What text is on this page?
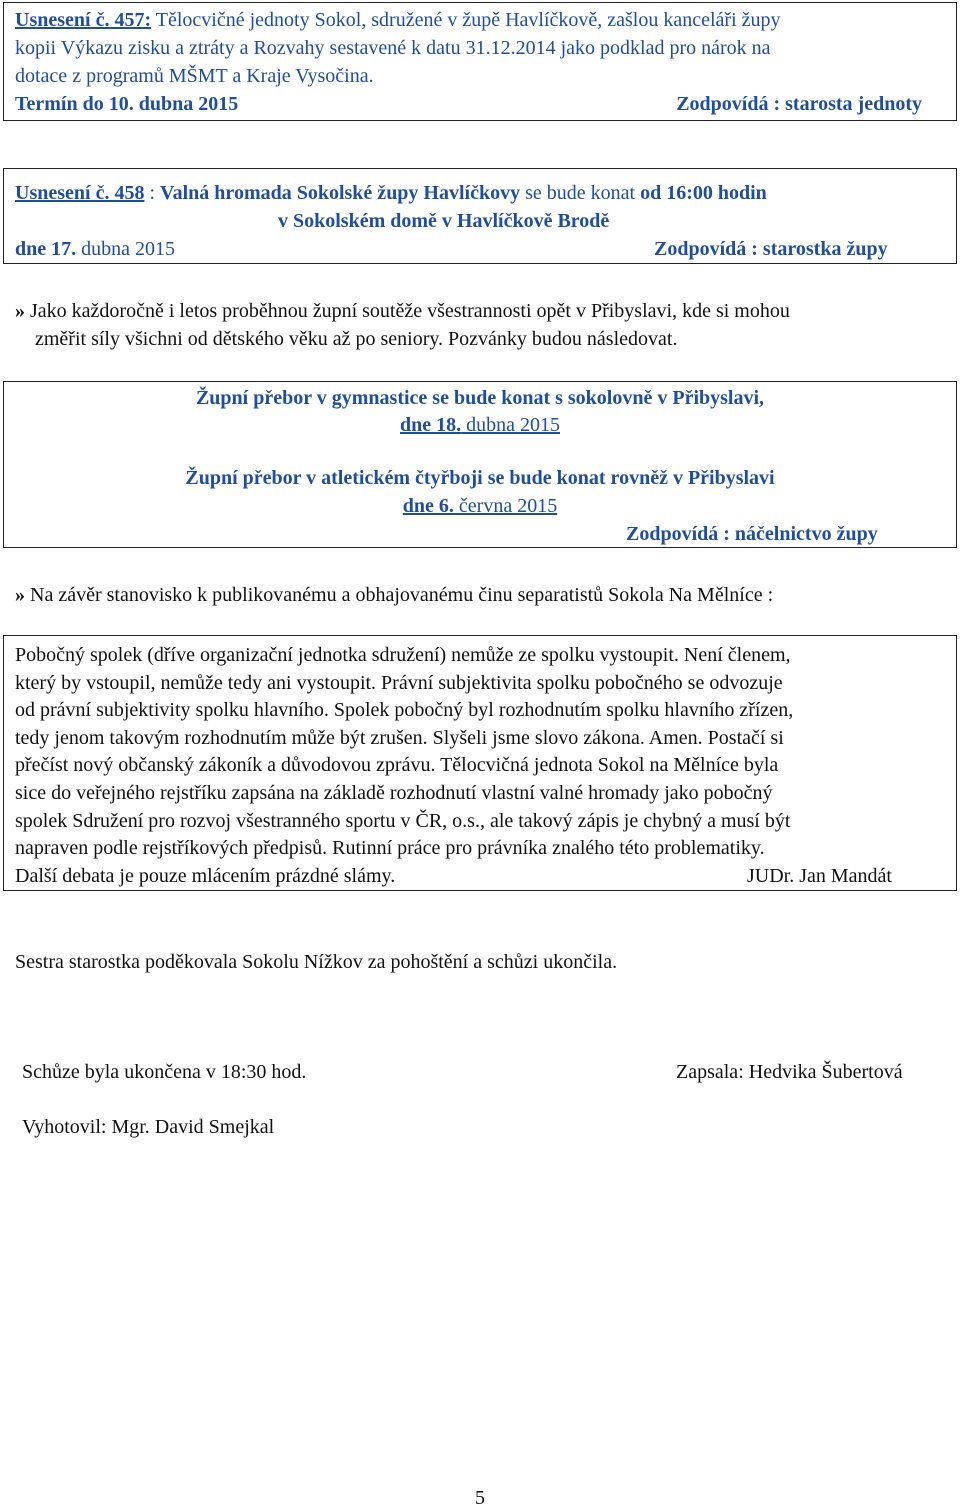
Usnesení č. 457: Tělocvičné jednoty Sokol, sdružené v župě Havlíčkově, zašlou kanceláři župy
kopii Výkazu zisku a ztráty a Rozvahy sestavené k datu 31.12.2014 jako podklad pro nárok na
dotace z programů MŠMT a Kraje Vysočina.
Termín do 10. dubna 2015	Zodpovídá : starosta jednoty
Usnesení č. 458 : Valná hromada Sokolské župy Havlíčkovy se bude konat od 16:00 hodin
v Sokolském domě v Havlíčkově Brodě
dne 17. dubna 2015	Zodpovídá : starostka župy
» Jako každoročně i letos proběhnou župní soutěže všestrannosti opět v Přibyslavi, kde si mohou
změřit síly všichni od dětského věku až po seniory. Pozvánky budou následovat.
Župní přebor v gymnastice se bude konat s sokolovně v Přibyslavi,
dne 18. dubna 2015
Župní přebor v atletickém čtyřboji se bude konat rovněž v Přibyslavi
dne 6. června 2015
Zodpovídá : náčelnictvo župy
» Na závěr stanovisko k publikovanému a obhajovanému činu separatistů Sokola Na Mělníce :
Pobočný spolek (dříve organizační jednotka sdružení) nemůže ze spolku vystoupit. Není členem,
který by vstoupil, nemůže tedy ani vystoupit. Právní subjektivita spolku pobočného se odvozuje
od právní subjektivity spolku hlavního. Spolek pobočný byl rozhodnutím spolku hlavního zřízen,
tedy jenom takovým rozhodnutím může být zrušen. Slyšeli jsme slovo zákona. Amen. Postačí si
přečíst nový občanský zákoník a důvodovou zprávu. Tělocvičná jednota Sokol na Mělníce byla
sice do veřejného rejstříku zapsána na základě rozhodnutí vlastní valné hromady jako pobočný
spolek Sdružení pro rozvoj všestranného sportu v ČR, o.s., ale takový zápis je chybný a musí být
napraven podle rejstříkových předpisů. Rutinní práce pro právníka znalého této problematiky.
Další debata je pouze mlácením prázdné slámy.	JUDr. Jan Mandát
Sestra starostka poděkovala Sokolu Nížkov za pohoštění a schůzi ukončila.
Schůze byla ukončena v 18:30 hod.	Zapsala: Hedvika Šubertová
Vyhotovil: Mgr. David Smejkal
5
